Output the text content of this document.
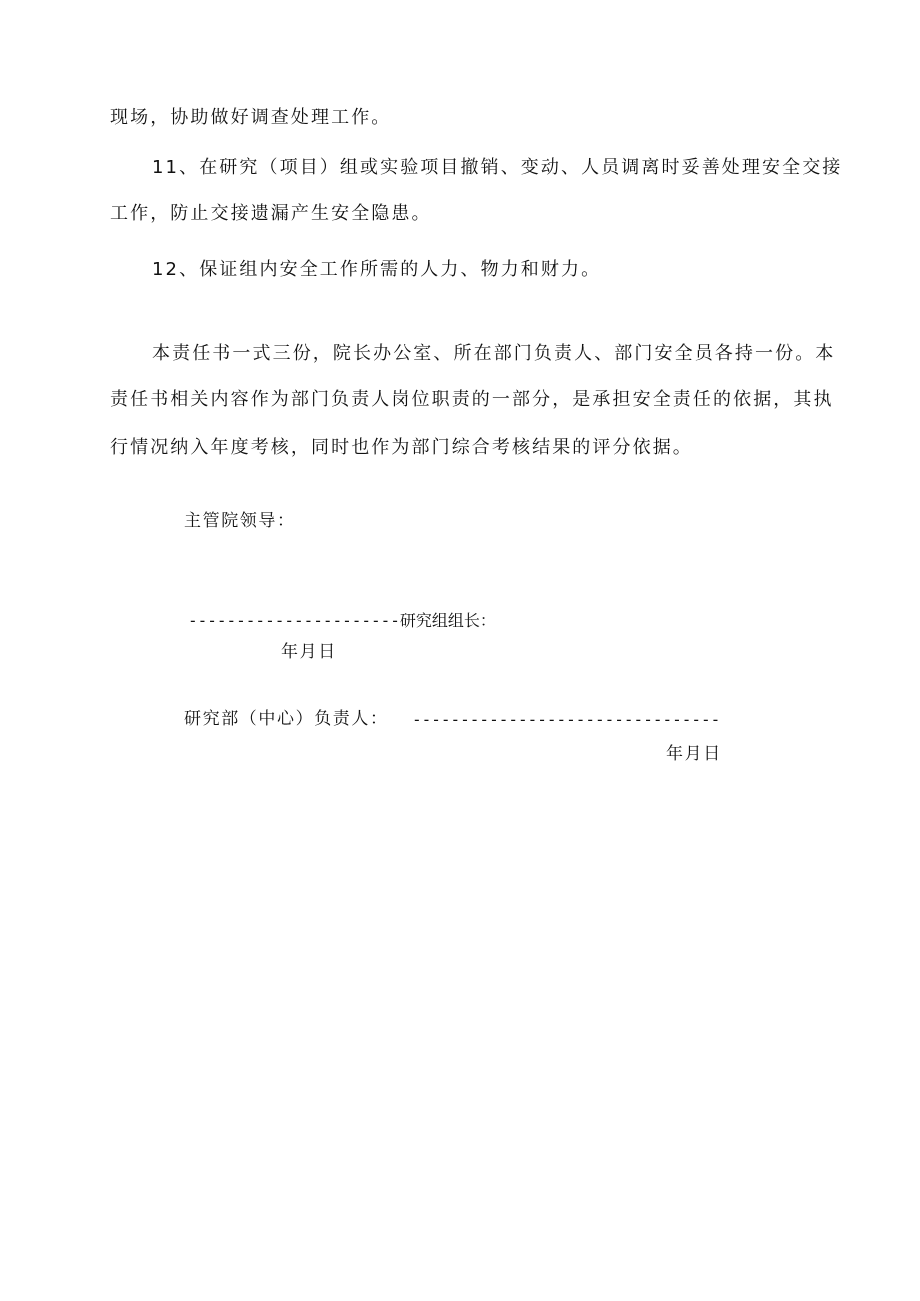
现场，协助做好调查处理工作。
11、在研究（项目）组或实验项目撤销、变动、人员调离时妥善处理安全交接
工作，防止交接遗漏产生安全隐患。
12、保证组内安全工作所需的人力、物力和财力。
本责任书一式三份，院长办公室、所在部门负责人、部门安全员各持一份。本
责任书相关内容作为部门负责人岗位职责的一部分，是承担安全责任的依据，其执
行情况纳入年度考核，同时也作为部门综合考核结果的评分依据。
主管院领导：
----------------------研究组组长：
年月日
研究部（中心）负责人： --------------------------------
年月日
